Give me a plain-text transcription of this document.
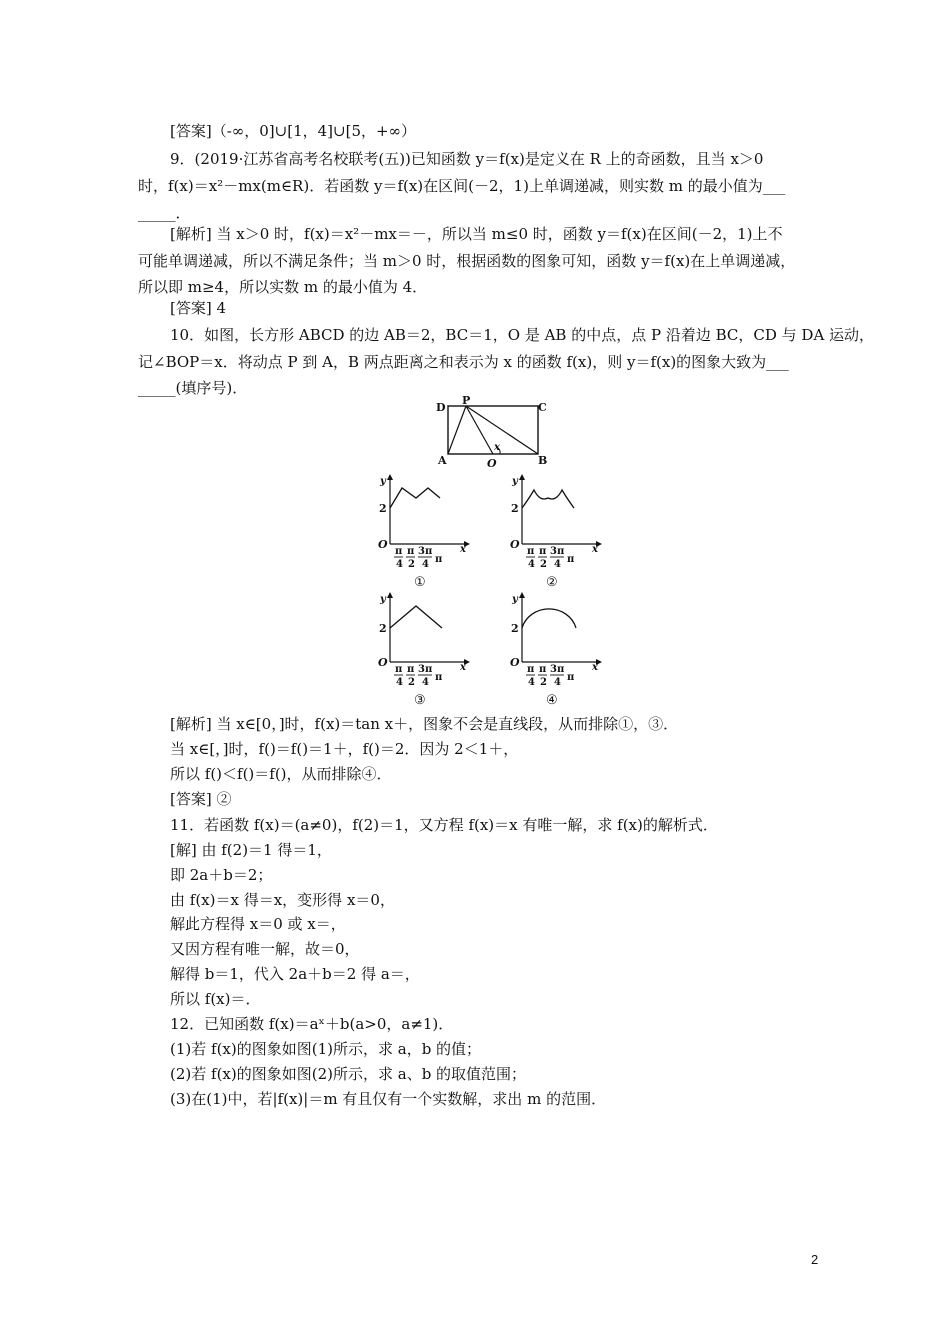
[答案]（-∞，0]∪[1，4]∪[5，+∞）
9．(2019·江苏省高考名校联考(五))已知函数 y＝f(x)是定义在 R 上的奇函数，且当 x＞0
时，f(x)＝x²－mx(m∈R)．若函数 y＝f(x)在区间(－2，1)上单调递减，则实数 m 的最小值为___
_____．
[解析] 当 x＞0 时，f(x)＝x²－mx＝－，所以当 m≤0 时，函数 y＝f(x)在区间(－2，1)上不
可能单调递减，所以不满足条件；当 m＞0 时，根据函数的图象可知，函数 y＝f(x)在上单调递减，
所以即 m≥4，所以实数 m 的最小值为 4．
[答案] 4
10．如图，长方形 ABCD 的边 AB＝2，BC＝1，O 是 AB 的中点，点 P 沿着边 BC，CD 与 DA 运动，
记∠BOP＝x．将动点 P 到 A，B 两点距离之和表示为 x 的函数 f(x)，则 y＝f(x)的图象大致为___
_____(填序号)．
[解析] 当 x∈[0，]时，f(x)＝tan x＋，图象不会是直线段，从而排除①，③．
当 x∈[，]时，f()＝f()＝1＋，f()＝2．因为 2＜1＋，
所以 f()＜f()＝f()，从而排除④．
[答案] ②
11．若函数 f(x)＝(a≠0)，f(2)＝1，又方程 f(x)＝x 有唯一解，求 f(x)的解析式．
[解] 由 f(2)＝1 得＝1，
即 2a＋b＝2；
由 f(x)＝x 得＝x，变形得 x＝0，
解此方程得 x＝0 或 x＝，
又因方程有唯一解，故＝0，
解得 b＝1，代入 2a＋b＝2 得 a＝，
所以 f(x)＝．
12．已知函数 f(x)＝aˣ＋b(a>0，a≠1)．
(1)若 f(x)的图象如图(1)所示，求 a，b 的值；
(2)若 f(x)的图象如图(2)所示，求 a、b 的取值范围；
(3)在(1)中，若|f(x)|＝m 有且仅有一个实数解，求出 m 的范围．
D
P
C
A	O	B
x
y
2
O	x
π
4
π
2
3π
4 π
①
y
2
O	x
π
4
π
2
3π
4 π
②
y
2
O	x
π
4
π
2
3π
4 π
③
y
2
O	x
π
4
π
2
3π
4 π
④
2
